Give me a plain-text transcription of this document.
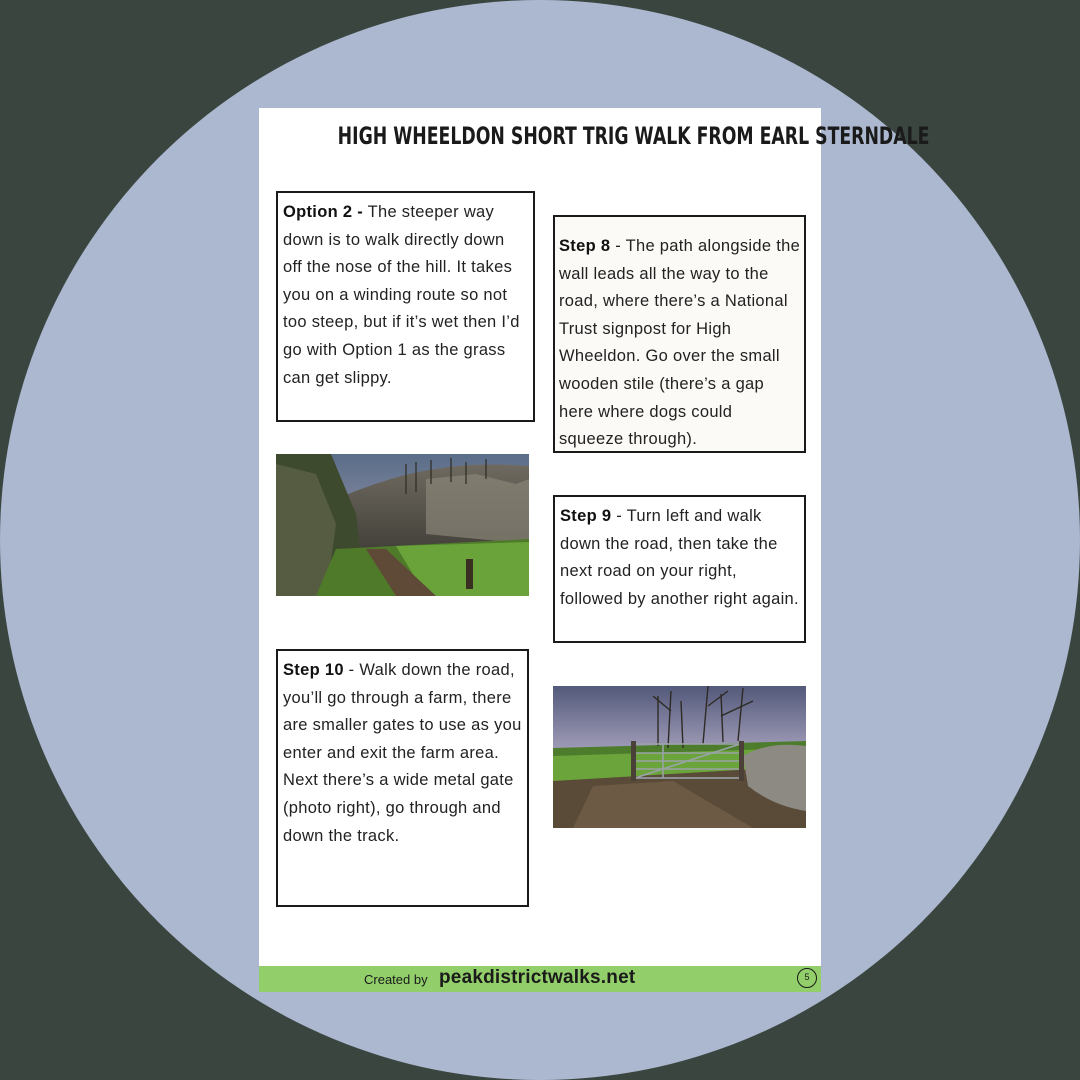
HIGH WHEELDON SHORT TRIG WALK FROM EARL STERNDALE
Option 2 - The steeper way down is to walk directly down off the nose of the hill. It takes you on a winding route so not too steep, but if it’s wet then I’d go with Option 1 as the grass can get slippy.
Step 8 - The path alongside the wall leads all the way to the road, where there’s a National Trust signpost for High Wheeldon. Go over the small wooden stile (there’s a gap here where dogs could squeeze through).
Step 9 - Turn left and walk down the road, then take the next road on your right, followed by another right again.
Step 10 - Walk down the road, you’ll go through a farm, there are smaller gates to use as you enter and exit the farm area. Next there’s a wide metal gate (photo right), go through and down the track.
Created by peakdistrictwalks.net	5
